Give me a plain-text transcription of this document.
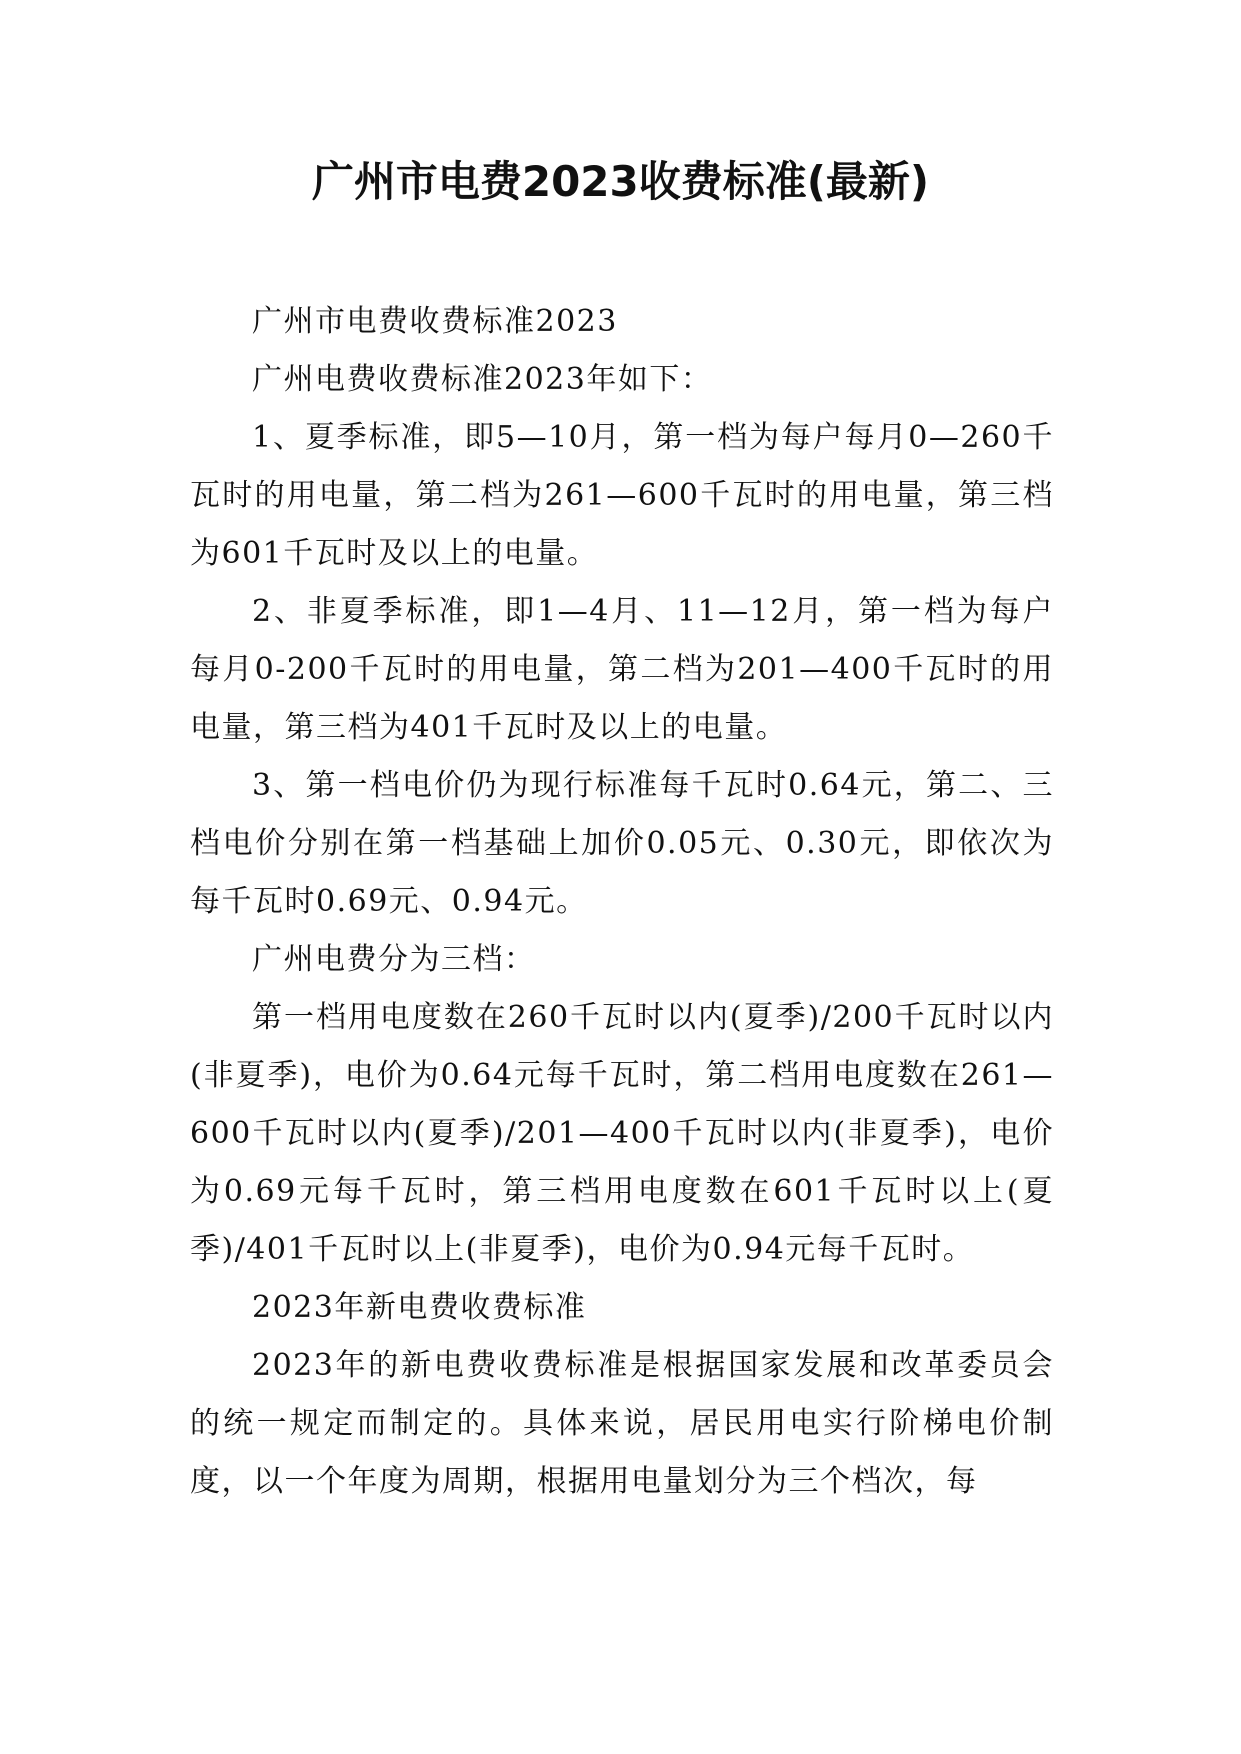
广州市电费2023收费标准(最新)

广州市电费收费标准2023

广州电费收费标准2023年如下：

1、夏季标准，即5—10月，第一档为每户每月0—260千瓦时的用电量，第二档为261—600千瓦时的用电量，第三档为601千瓦时及以上的电量。

2、非夏季标准，即1—4月、11—12月，第一档为每户每月0-200千瓦时的用电量，第二档为201—400千瓦时的用电量，第三档为401千瓦时及以上的电量。

3、第一档电价仍为现行标准每千瓦时0.64元，第二、三档电价分别在第一档基础上加价0.05元、0.30元，即依次为每千瓦时0.69元、0.94元。

广州电费分为三档：

第一档用电度数在260千瓦时以内(夏季)/200千瓦时以内(非夏季)，电价为0.64元每千瓦时，第二档用电度数在261—600千瓦时以内(夏季)/201—400千瓦时以内(非夏季)，电价为0.69元每千瓦时，第三档用电度数在601千瓦时以上(夏季)/401千瓦时以上(非夏季)，电价为0.94元每千瓦时。

2023年新电费收费标准

2023年的新电费收费标准是根据国家发展和改革委员会的统一规定而制定的。具体来说，居民用电实行阶梯电价制度，以一个年度为周期，根据用电量划分为三个档次，每
